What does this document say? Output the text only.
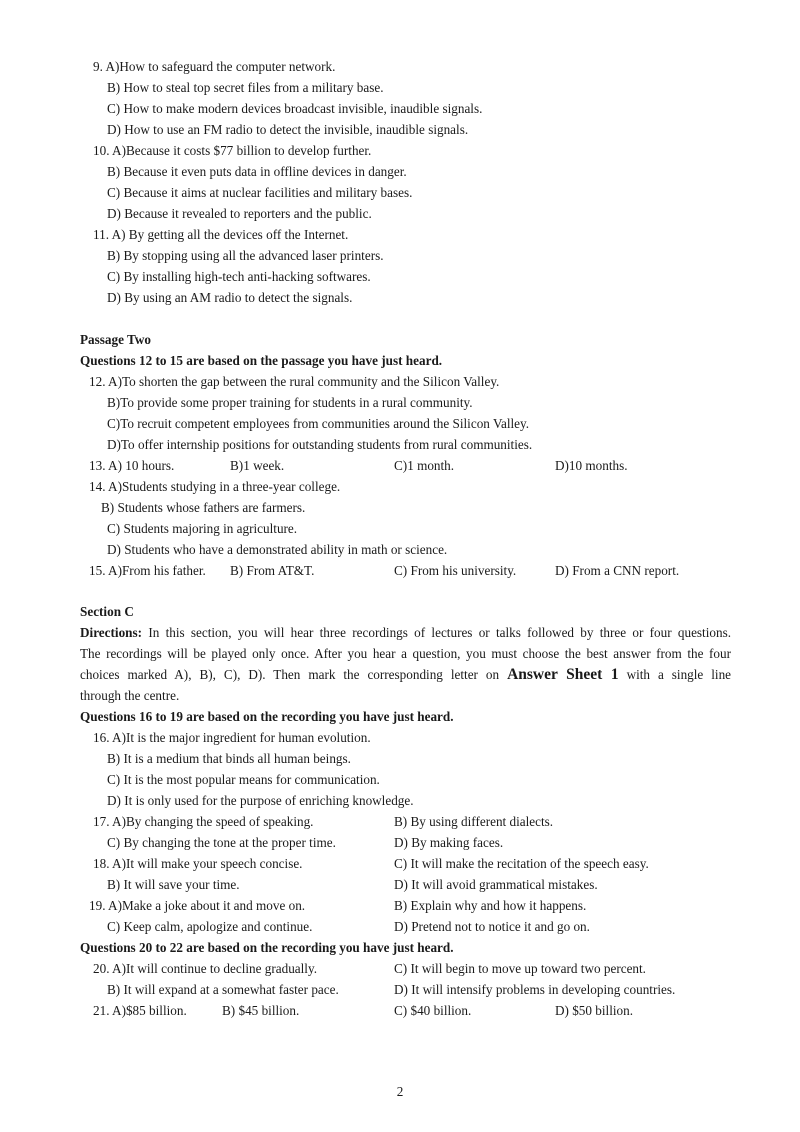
9. A)How to safeguard the computer network.
B) How to steal top secret files from a military base.
C) How to make modern devices broadcast invisible, inaudible signals.
D) How to use an FM radio to detect the invisible, inaudible signals.
10. A)Because it costs $77 billion to develop further.
B) Because it even puts data in offline devices in danger.
C) Because it aims at nuclear facilities and military bases.
D) Because it revealed to reporters and the public.
11. A) By getting all the devices off the Internet.
B) By stopping using all the advanced laser printers.
C) By installing high-tech anti-hacking softwares.
D) By using an AM radio to detect the signals.
Passage Two
Questions 12 to 15 are based on the passage you have just heard.
12. A)To shorten the gap between the rural community and the Silicon Valley.
B)To provide some proper training for students in a rural community.
C)To recruit competent employees from communities around the Silicon Valley.
D)To offer internship positions for outstanding students from rural communities.
13. A) 10 hours.	B)1 week.	C)1 month.	D)10 months.
14. A)Students studying in a three-year college.
B) Students whose fathers are farmers.
C) Students majoring in agriculture.
D) Students who have a demonstrated ability in math or science.
15. A)From his father. B) From AT&T.	C) From his university.	D) From a CNN report.
Section C
Directions: In this section, you will hear three recordings of lectures or talks followed by three or four questions.
The recordings will be played only once. After you hear a question, you must choose the best answer from the four
choices marked A), B), C), D). Then mark the corresponding letter on Answer Sheet 1 with a single line
through the centre.
Questions 16 to 19 are based on the recording you have just heard.
16. A)It is the major ingredient for human evolution.
B) It is a medium that binds all human beings.
C) It is the most popular means for communication.
D) It is only used for the purpose of enriching knowledge.
17. A)By changing the speed of speaking.	B) By using different dialects.
C) By changing the tone at the proper time.	D) By making faces.
18. A)It will make your speech concise.	C) It will make the recitation of the speech easy.
B) It will save your time.	D) It will avoid grammatical mistakes.
19. A)Make a joke about it and move on.	B) Explain why and how it happens.
C) Keep calm, apologize and continue.	D) Pretend not to notice it and go on.
Questions 20 to 22 are based on the recording you have just heard.
20. A)It will continue to decline gradually.	C) It will begin to move up toward two percent.
B) It will expand at a somewhat faster pace.	D) It will intensify problems in developing countries.
21. A)$85 billion.	B) $45 billion.	C) $40 billion.	D) $50 billion.
2
